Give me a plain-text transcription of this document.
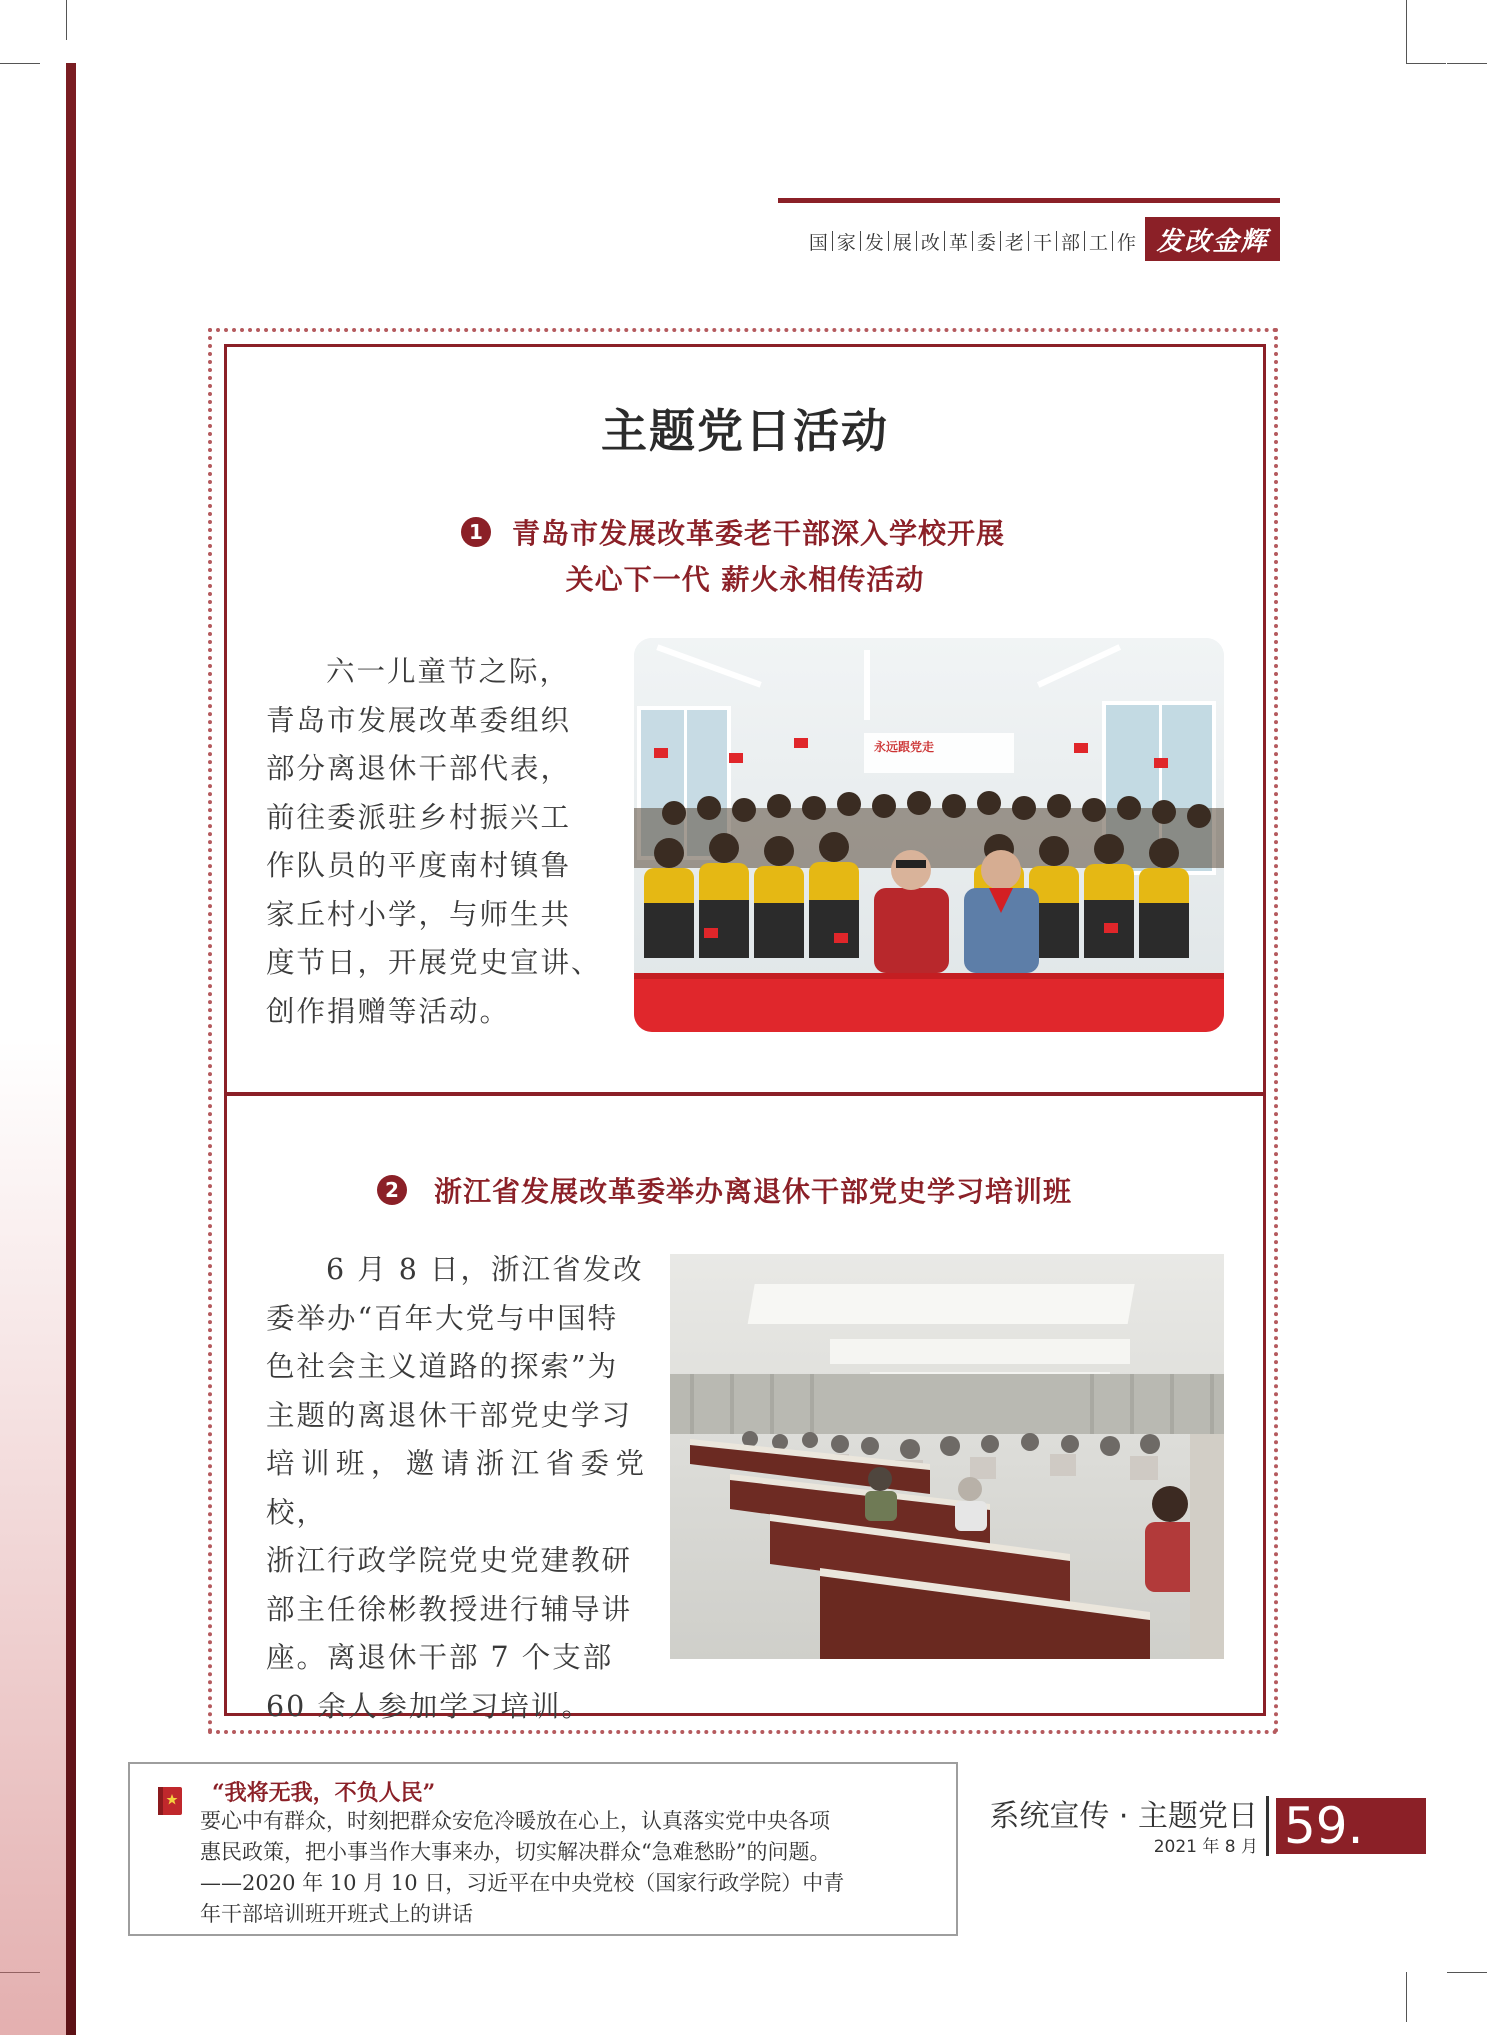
国 家 发 展 改 革 委 老 干 部 工 作 发改金辉
主题党日活动
1 青岛市发展改革委老干部深入学校开展
关心下一代 薪火永相传活动
六一儿童节之际，
青岛市发展改革委组织
部分离退休干部代表，
前往委派驻乡村振兴工
作队员的平度南村镇鲁
家丘村小学，与师生共
度节日，开展党史宣讲、
创作捐赠等活动。
永远跟党走
2 浙江省发展改革委举办离退休干部党史学习培训班
6 月 8 日，浙江省发改
委举办“百年大党与中国特
色社会主义道路的探索”为
主题的离退休干部党史学习
培训班，邀请浙江省委党校，
浙江行政学院党史党建教研
部主任徐彬教授进行辅导讲
座。离退休干部 7 个支部
60 余人参加学习培训。
“我将无我，不负人民”
要心中有群众，时刻把群众安危冷暖放在心上，认真落实党中央各项
惠民政策，把小事当作大事来办，切实解决群众“急难愁盼”的问题。
——2020 年 10 月 10 日，习近平在中央党校（国家行政学院）中青
年干部培训班开班式上的讲话
系统宣传 · 主题党日
2021 年 8 月 59.
